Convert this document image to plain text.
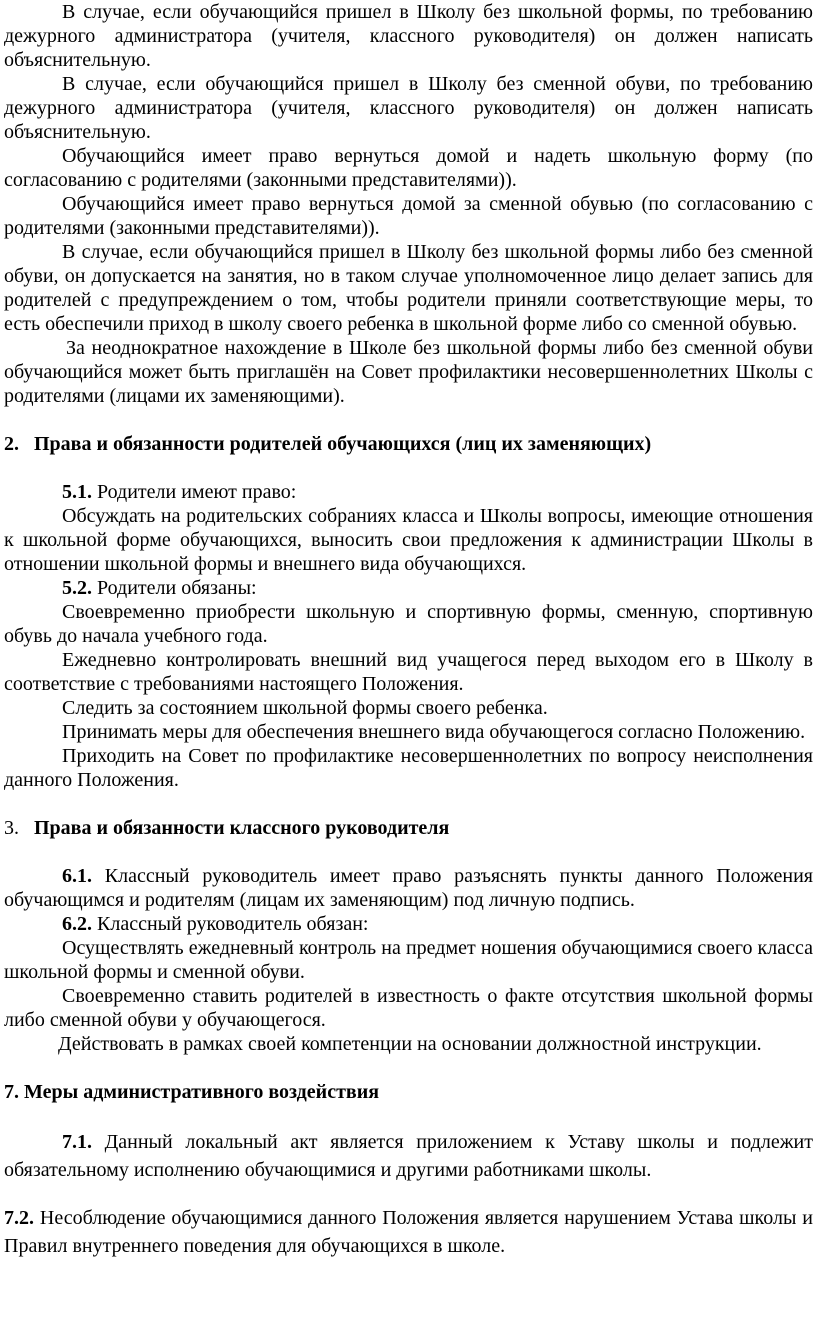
В случае, если обучающийся пришел в Школу без школьной формы, по требованию дежурного администратора (учителя, классного руководителя) он должен написать объяснительную.

В случае, если обучающийся пришел в Школу без сменной обуви, по требованию дежурного администратора (учителя, классного руководителя) он должен написать объяснительную.

Обучающийся имеет право вернуться домой и надеть школьную форму (по согласованию с родителями (законными представителями)).

Обучающийся имеет право вернуться домой за сменной обувью (по согласованию с родителями (законными представителями)).

В случае, если обучающийся пришел в Школу без школьной формы либо без сменной обуви, он допускается на занятия, но в таком случае уполномоченное лицо делает запись для родителей с предупреждением о том, чтобы родители приняли соответствующие меры, то есть обеспечили приход в школу своего ребенка в школьной форме либо со сменной обувью.

За неоднократное нахождение в Школе без школьной формы либо без сменной обуви обучающийся может быть приглашён на Совет профилактики несовершеннолетних Школы с родителями (лицами их заменяющими).

2.   Права и обязанности родителей обучающихся (лиц их заменяющих)

5.1. Родители имеют право:

Обсуждать на родительских собраниях класса и Школы вопросы, имеющие отношения к школьной форме обучающихся, выносить свои предложения к администрации Школы в отношении школьной формы и внешнего вида обучающихся.

5.2. Родители обязаны:

Своевременно приобрести школьную и спортивную формы, сменную, спортивную обувь до начала учебного года.

Ежедневно контролировать внешний вид учащегося перед выходом его в Школу в соответствие с требованиями настоящего Положения.

Следить за состоянием школьной формы своего ребенка.

Принимать меры для обеспечения внешнего вида обучающегося согласно Положению.

Приходить на Совет по профилактике несовершеннолетних по вопросу неисполнения данного Положения.

3. Права и обязанности классного руководителя

6.1. Классный руководитель имеет право разъяснять пункты данного Положения обучающимся и родителям (лицам их заменяющим) под личную подпись.

6.2. Классный руководитель обязан:

Осуществлять ежедневный контроль на предмет ношения обучающимися своего класса школьной формы и сменной обуви.

Своевременно ставить родителей в известность о факте отсутствия школьной формы либо сменной обуви у обучающегося.

Действовать в рамках своей компетенции на основании должностной инструкции.

7. Меры административного воздействия

7.1. Данный локальный акт является приложением к Уставу школы и подлежит обязательному исполнению обучающимися и другими работниками школы.

7.2. Несоблюдение обучающимися данного Положения является нарушением Устава школы и Правил внутреннего поведения для обучающихся в школе.
